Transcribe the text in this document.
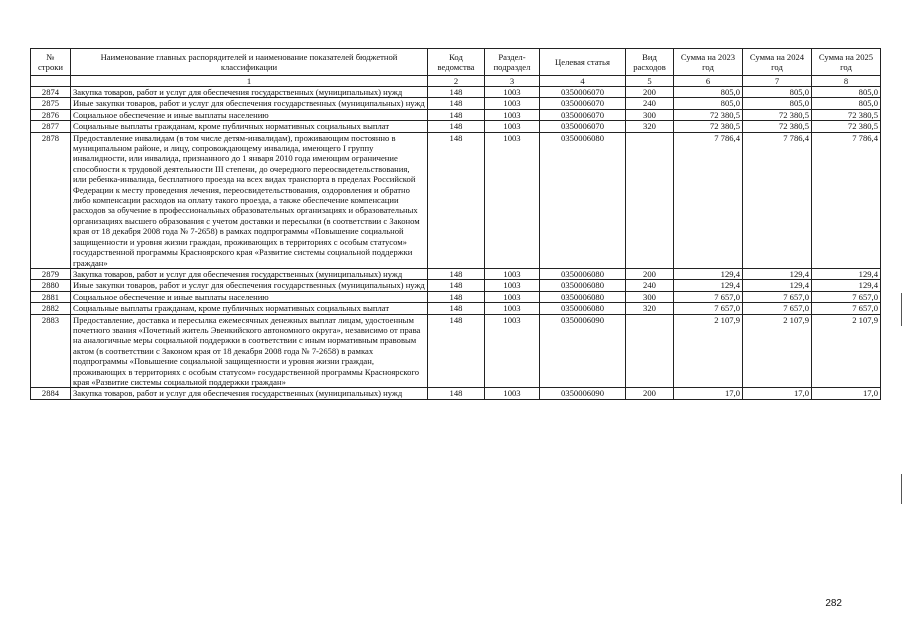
№ строки	Наименование главных распорядителей и наименование показателей бюджетной классификации	Код ведомства	Раздел- подраздел	Целевая статья	Вид расходов	Сумма на 2023 год	Сумма на 2024 год	Сумма на 2025 год
	1	2	3	4	5	6	7	8
2874	Закупка товаров, работ и услуг для обеспечения государственных (муниципальных) нужд	148	1003	0350006070	200	805,0	805,0	805,0
2875	Иные закупки товаров, работ и услуг для обеспечения государственных (муниципальных) нужд	148	1003	0350006070	240	805,0	805,0	805,0
2876	Социальное обеспечение и иные выплаты населению	148	1003	0350006070	300	72 380,5	72 380,5	72 380,5
2877	Социальные выплаты гражданам, кроме публичных нормативных социальных выплат	148	1003	0350006070	320	72 380,5	72 380,5	72 380,5
2878	Предоставление инвалидам (в том числе детям-инвалидам), проживающим постоянно в муниципальном районе, и лицу, сопровождающему инвалида, имеющего I группу инвалидности, или инвалида, признанного до 1 января 2010 года имеющим ограничение способности к трудовой деятельности III степени, до очередного переосвидетельствования, или ребенка-инвалида, бесплатного проезда на всех видах транспорта в пределах Российской Федерации к месту проведения лечения, переосвидетельствования, оздоровления и обратно либо компенсации расходов на оплату такого проезда, а также обеспечение компенсации расходов за обучение в профессиональных образовательных организациях и образовательных организациях высшего образования с учетом доставки и пересылки (в соответствии с Законом края от 18 декабря 2008 года № 7-2658) в рамках подпрограммы «Повышение социальной защищенности и уровня жизни граждан, проживающих в территориях с особым статусом» государственной программы Красноярского края «Развитие системы социальной поддержки граждан»	148	1003	0350006080		7 786,4	7 786,4	7 786,4
2879	Закупка товаров, работ и услуг для обеспечения государственных (муниципальных) нужд	148	1003	0350006080	200	129,4	129,4	129,4
2880	Иные закупки товаров, работ и услуг для обеспечения государственных (муниципальных) нужд	148	1003	0350006080	240	129,4	129,4	129,4
2881	Социальное обеспечение и иные выплаты населению	148	1003	0350006080	300	7 657,0	7 657,0	7 657,0
2882	Социальные выплаты гражданам, кроме публичных нормативных социальных выплат	148	1003	0350006080	320	7 657,0	7 657,0	7 657,0
2883	Предоставление, доставка и пересылка ежемесячных денежных выплат лицам, удостоенным почетного звания «Почетный житель Эвенкийского автономного округа», независимо от права на аналогичные меры социальной поддержки в соответствии с иным нормативным правовым актом (в соответствии с Законом края от 18 декабря 2008 года № 7-2658) в рамках подпрограммы «Повышение социальной защищенности и уровня жизни граждан, проживающих в территориях с особым статусом» государственной программы Красноярского края «Развитие системы социальной поддержки граждан»	148	1003	0350006090		2 107,9	2 107,9	2 107,9
2884	Закупка товаров, работ и услуг для обеспечения государственных (муниципальных) нужд	148	1003	0350006090	200	17,0	17,0	17,0
282
